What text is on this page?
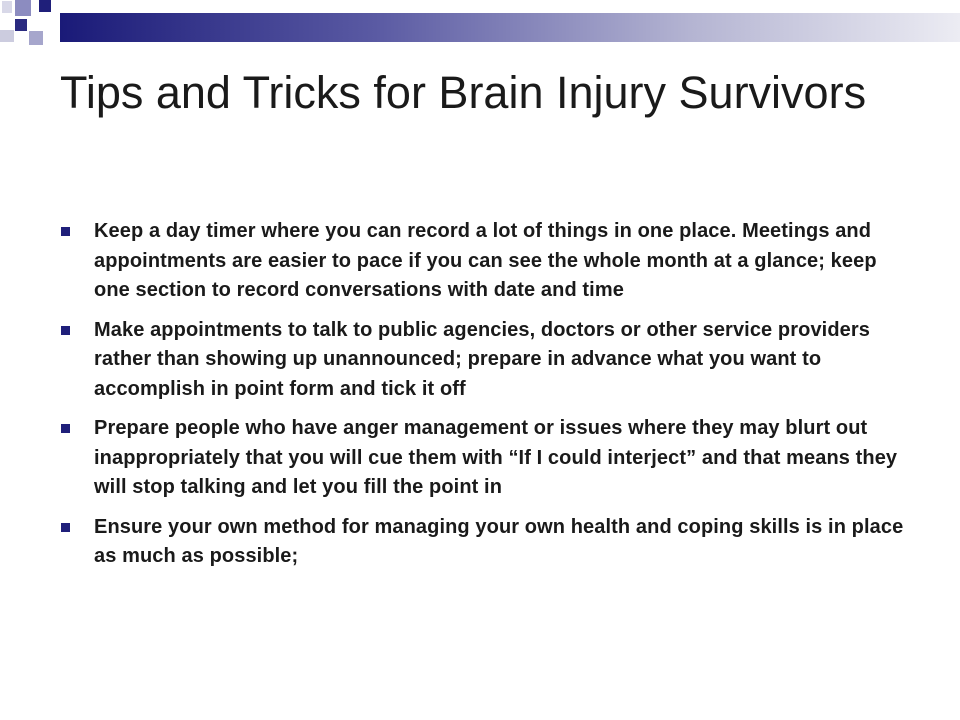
Tips and Tricks for Brain Injury Survivors
Keep a day timer where you can record a lot of things in one place. Meetings and appointments are easier to pace if you can see the whole month at a glance; keep one section to record conversations with date and time
Make appointments to talk to public agencies, doctors or other service providers rather than showing up unannounced; prepare in advance what you want to accomplish in point form and tick it off
Prepare people who have anger management or issues where they may blurt out inappropriately that you will cue them with “If I could interject” and that means they will stop talking and let you fill the point in
Ensure your own method for managing your own health and coping skills is in place as much as possible;
